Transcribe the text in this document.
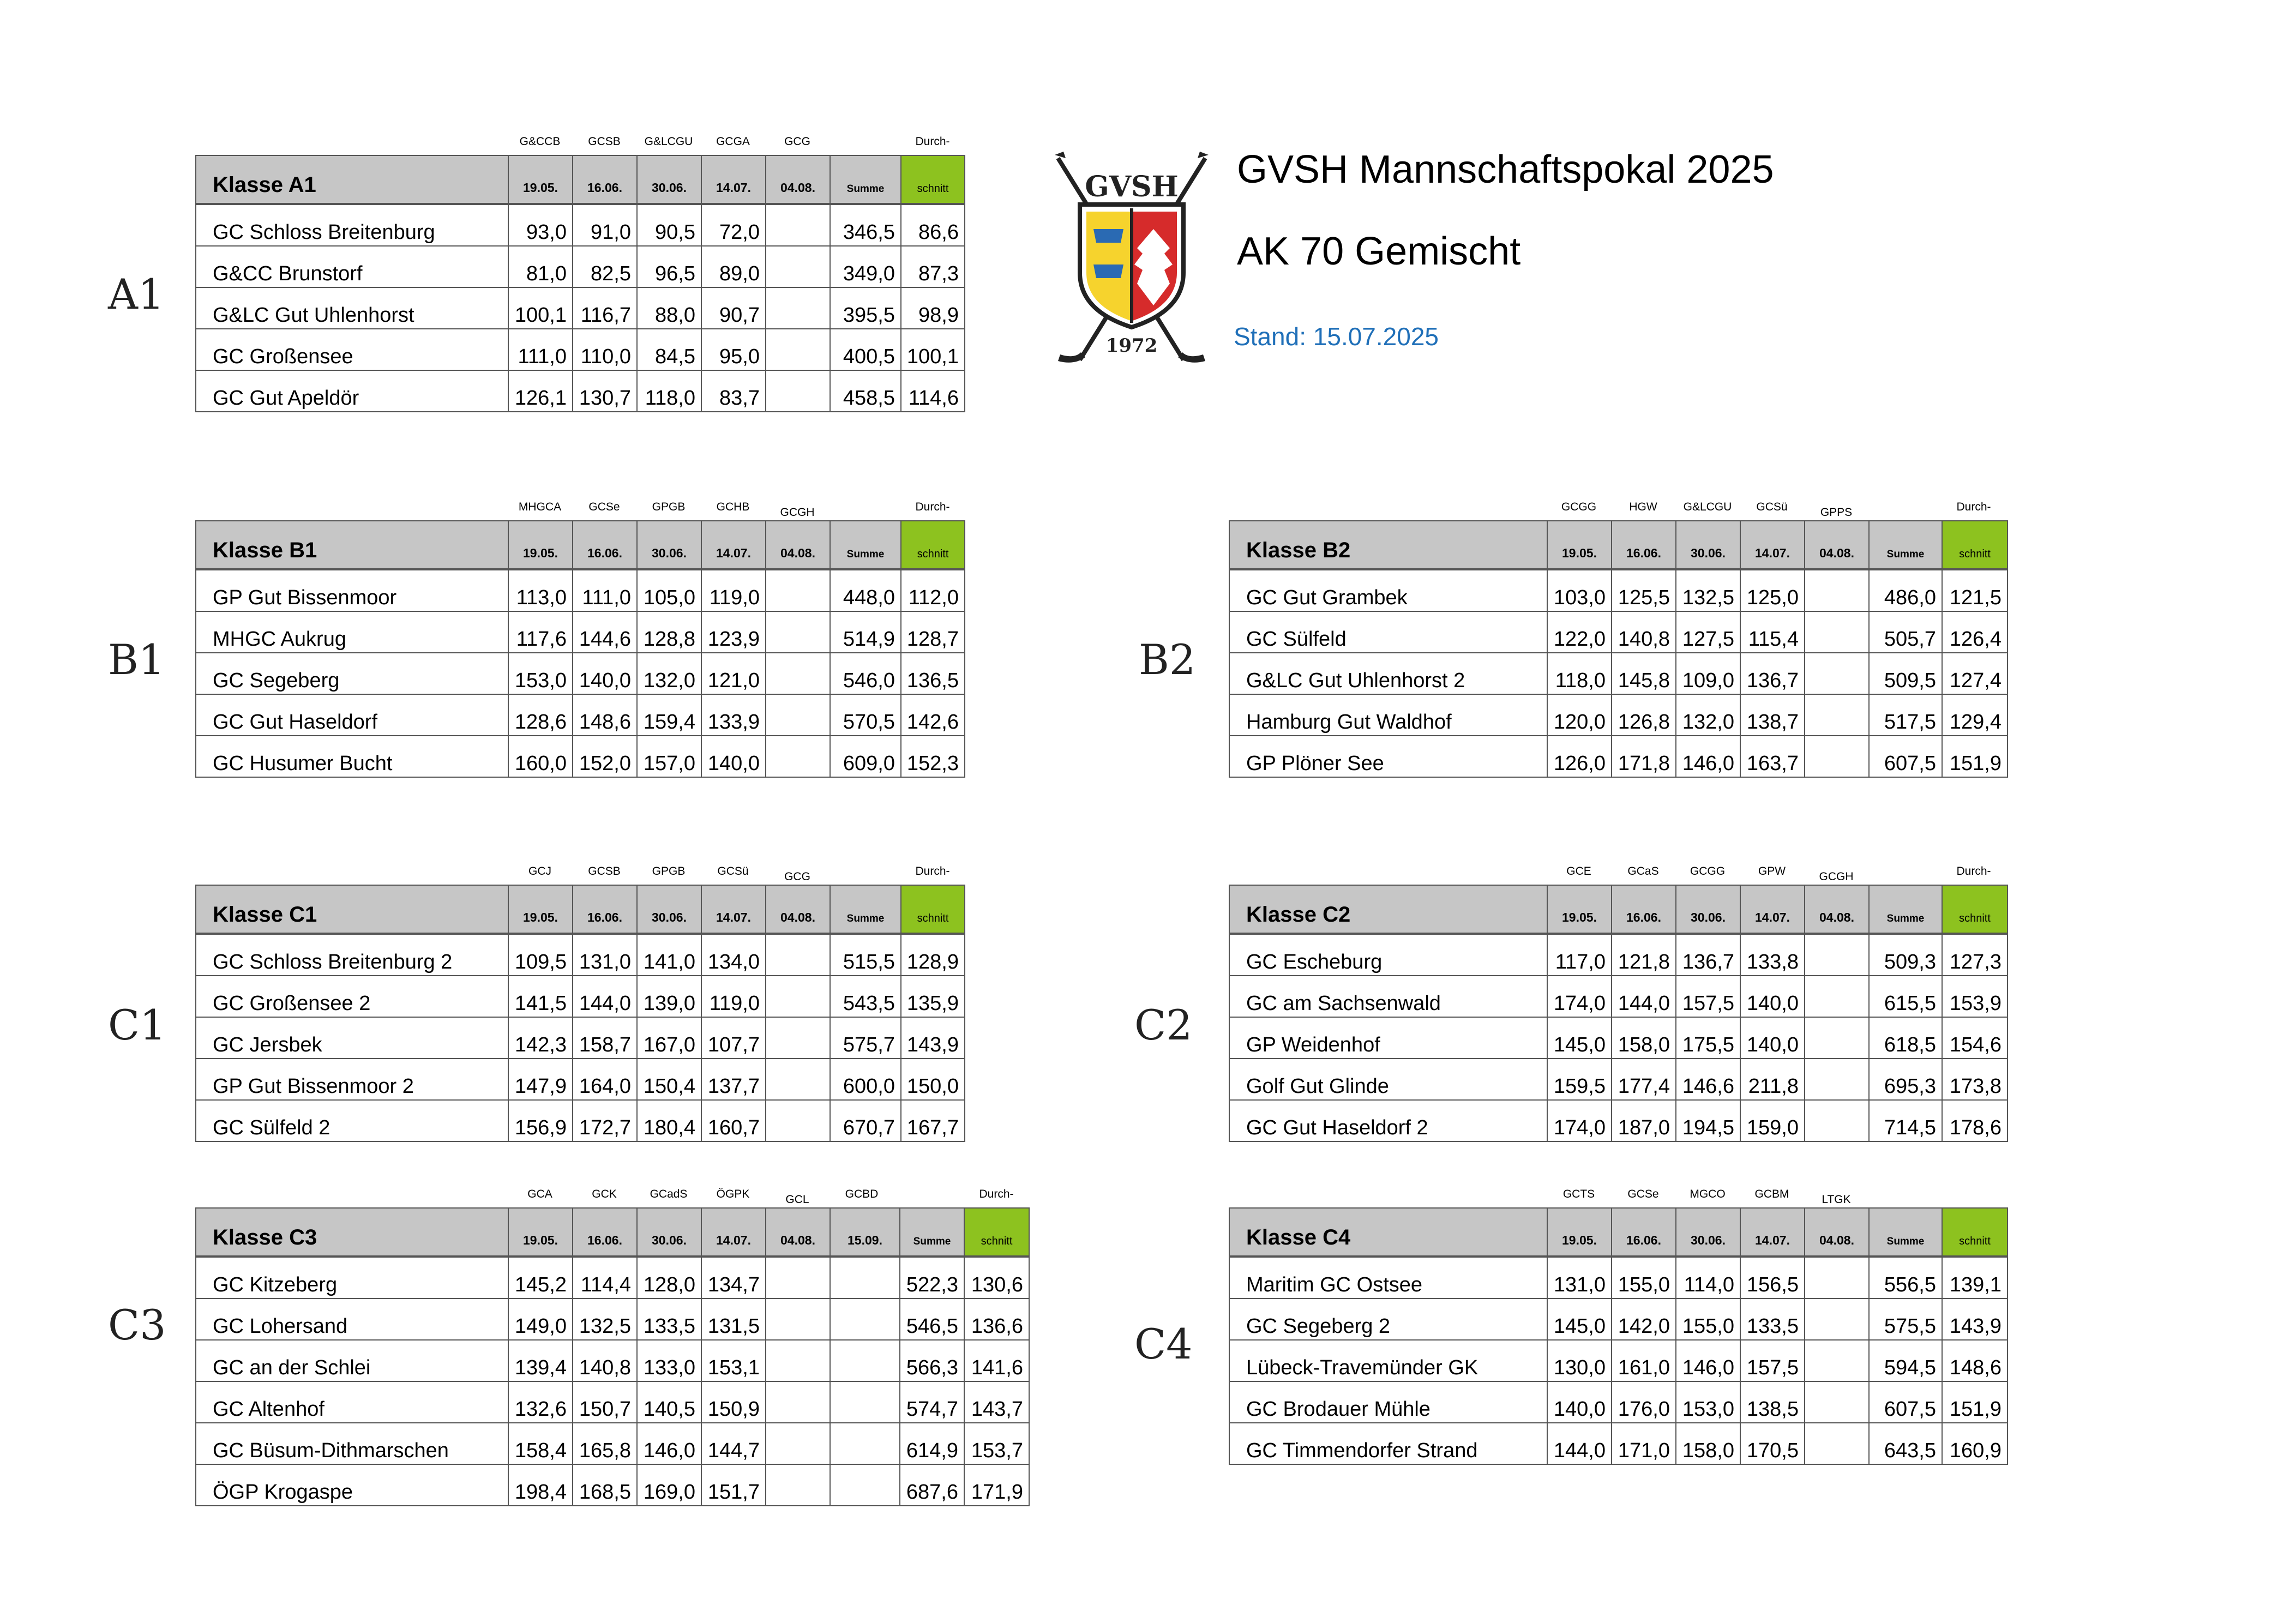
GVSH Mannschaftspokal 2025
AK 70 Gemischt
Stand: 15.07.2025
GVSH
1972
A1
G&CCB	GCSB	G&LCGU	GCGA	GCG	Durch-
Klasse A1	19.05.	16.06.	30.06.	14.07.	04.08.	Summe	schnitt
GC Schloss Breitenburg	93,0	91,0	90,5	72,0		346,5	86,6
G&CC Brunstorf	81,0	82,5	96,5	89,0		349,0	87,3
G&LC Gut Uhlenhorst	100,1	116,7	88,0	90,7		395,5	98,9
GC Großensee	111,0	110,0	84,5	95,0		400,5	100,1
GC Gut Apeldör	126,1	130,7	118,0	83,7		458,5	114,6
B1
MHGCA	GCSe	GPGB	GCHB	GCGH	Durch-
Klasse B1	19.05.	16.06.	30.06.	14.07.	04.08.	Summe	schnitt
GP Gut Bissenmoor	113,0	111,0	105,0	119,0		448,0	112,0
MHGC Aukrug	117,6	144,6	128,8	123,9		514,9	128,7
GC Segeberg	153,0	140,0	132,0	121,0		546,0	136,5
GC Gut Haseldorf	128,6	148,6	159,4	133,9		570,5	142,6
GC Husumer Bucht	160,0	152,0	157,0	140,0		609,0	152,3
B2
GCGG	HGW	G&LCGU	GCSü	GPPS	Durch-
Klasse B2	19.05.	16.06.	30.06.	14.07.	04.08.	Summe	schnitt
GC Gut Grambek	103,0	125,5	132,5	125,0		486,0	121,5
GC Sülfeld	122,0	140,8	127,5	115,4		505,7	126,4
G&LC Gut Uhlenhorst 2	118,0	145,8	109,0	136,7		509,5	127,4
Hamburg Gut Waldhof	120,0	126,8	132,0	138,7		517,5	129,4
GP Plöner See	126,0	171,8	146,0	163,7		607,5	151,9
C1
GCJ	GCSB	GPGB	GCSü	GCG	Durch-
Klasse C1	19.05.	16.06.	30.06.	14.07.	04.08.	Summe	schnitt
GC Schloss Breitenburg 2	109,5	131,0	141,0	134,0		515,5	128,9
GC Großensee 2	141,5	144,0	139,0	119,0		543,5	135,9
GC Jersbek	142,3	158,7	167,0	107,7		575,7	143,9
GP Gut Bissenmoor 2	147,9	164,0	150,4	137,7		600,0	150,0
GC Sülfeld 2	156,9	172,7	180,4	160,7		670,7	167,7
C2
GCE	GCaS	GCGG	GPW	GCGH	Durch-
Klasse C2	19.05.	16.06.	30.06.	14.07.	04.08.	Summe	schnitt
GC Escheburg	117,0	121,8	136,7	133,8		509,3	127,3
GC am Sachsenwald	174,0	144,0	157,5	140,0		615,5	153,9
GP Weidenhof	145,0	158,0	175,5	140,0		618,5	154,6
Golf Gut Glinde	159,5	177,4	146,6	211,8		695,3	173,8
GC Gut Haseldorf 2	174,0	187,0	194,5	159,0		714,5	178,6
C3
GCA	GCK	GCadS	ÖGPK	GCL	GCBD	Durch-
Klasse C3	19.05.	16.06.	30.06.	14.07.	04.08.	15.09.	Summe	schnitt
GC Kitzeberg	145,2	114,4	128,0	134,7			522,3	130,6
GC Lohersand	149,0	132,5	133,5	131,5			546,5	136,6
GC an der Schlei	139,4	140,8	133,0	153,1			566,3	141,6
GC Altenhof	132,6	150,7	140,5	150,9			574,7	143,7
GC Büsum-Dithmarschen	158,4	165,8	146,0	144,7			614,9	153,7
ÖGP Krogaspe	198,4	168,5	169,0	151,7			687,6	171,9
C4
GCTS	GCSe	MGCO	GCBM	LTGK
Klasse C4	19.05.	16.06.	30.06.	14.07.	04.08.	Summe	schnitt
Maritim GC Ostsee	131,0	155,0	114,0	156,5		556,5	139,1
GC Segeberg 2	145,0	142,0	155,0	133,5		575,5	143,9
Lübeck-Travemünder GK	130,0	161,0	146,0	157,5		594,5	148,6
GC Brodauer Mühle	140,0	176,0	153,0	138,5		607,5	151,9
GC Timmendorfer Strand	144,0	171,0	158,0	170,5		643,5	160,9
